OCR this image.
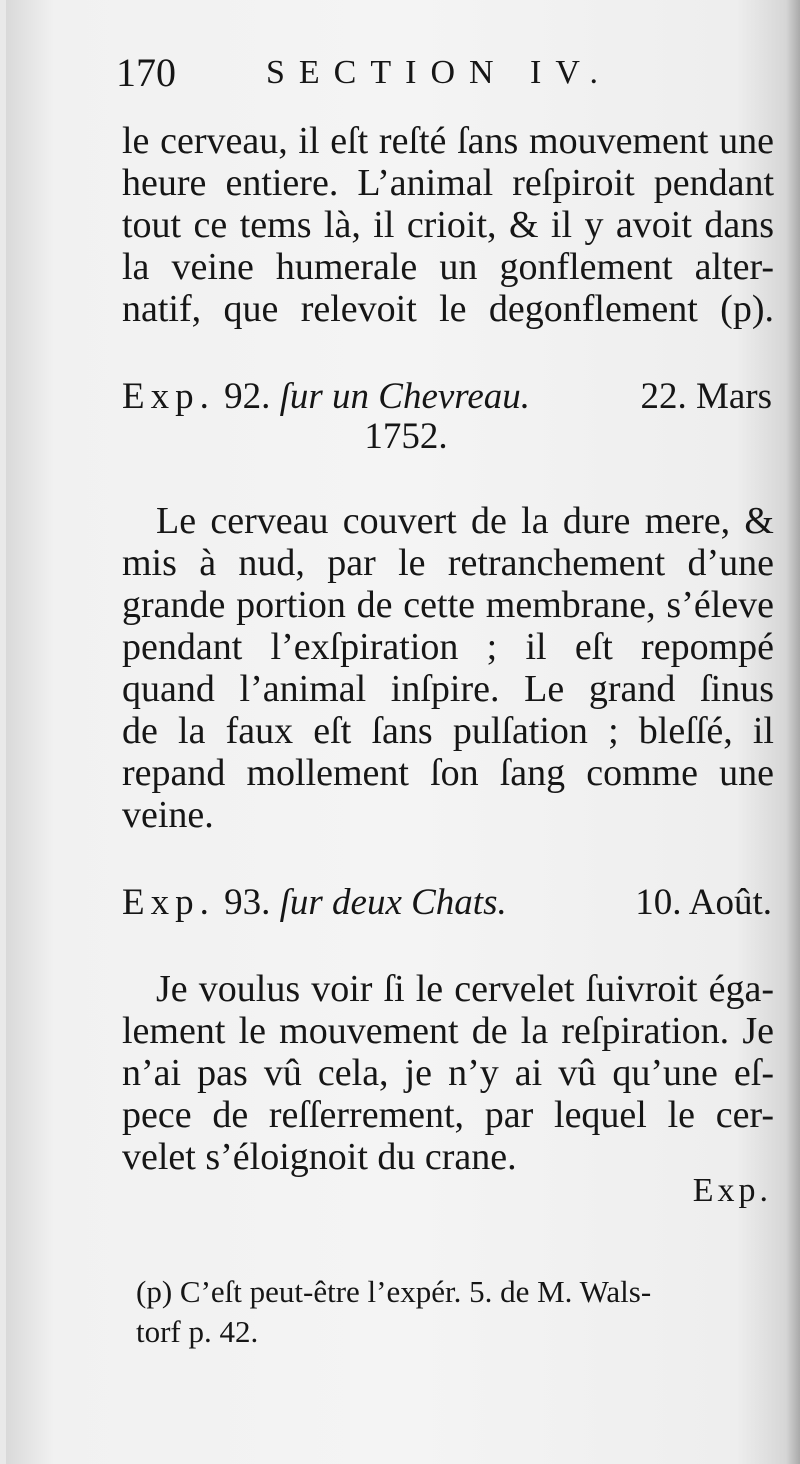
170	SECTION IV.
le cerveau, il eſt reſté ſans mouvement une
heure entiere. L’animal reſpiroit pendant
tout ce tems là, il crioit, & il y avoit dans
la veine humerale un gonflement alter-
natif, que relevoit le degonflement (p).
Exp. 92. ſur un Chevreau.	22. Mars
1752.
Le cerveau couvert de la dure mere, &
mis à nud, par le retranchement d’une
grande portion de cette membrane, s’éleve
pendant l’exſpiration ; il eſt repompé
quand l’animal inſpire. Le grand ſinus
de la faux eſt ſans pulſation ; bleſſé, il
repand mollement ſon ſang comme une
veine.
Exp. 93. ſur deux Chats.	10. Août.
Je voulus voir ſi le cervelet ſuivroit éga-
lement le mouvement de la reſpiration. Je
n’ai pas vû cela, je n’y ai vû qu’une eſ-
pece de reſſerrement, par lequel le cer-
velet s’éloignoit du crane.
Exp.
(p) C’eſt peut-être l’expér. 5. de M. Wals-
torf p. 42.
